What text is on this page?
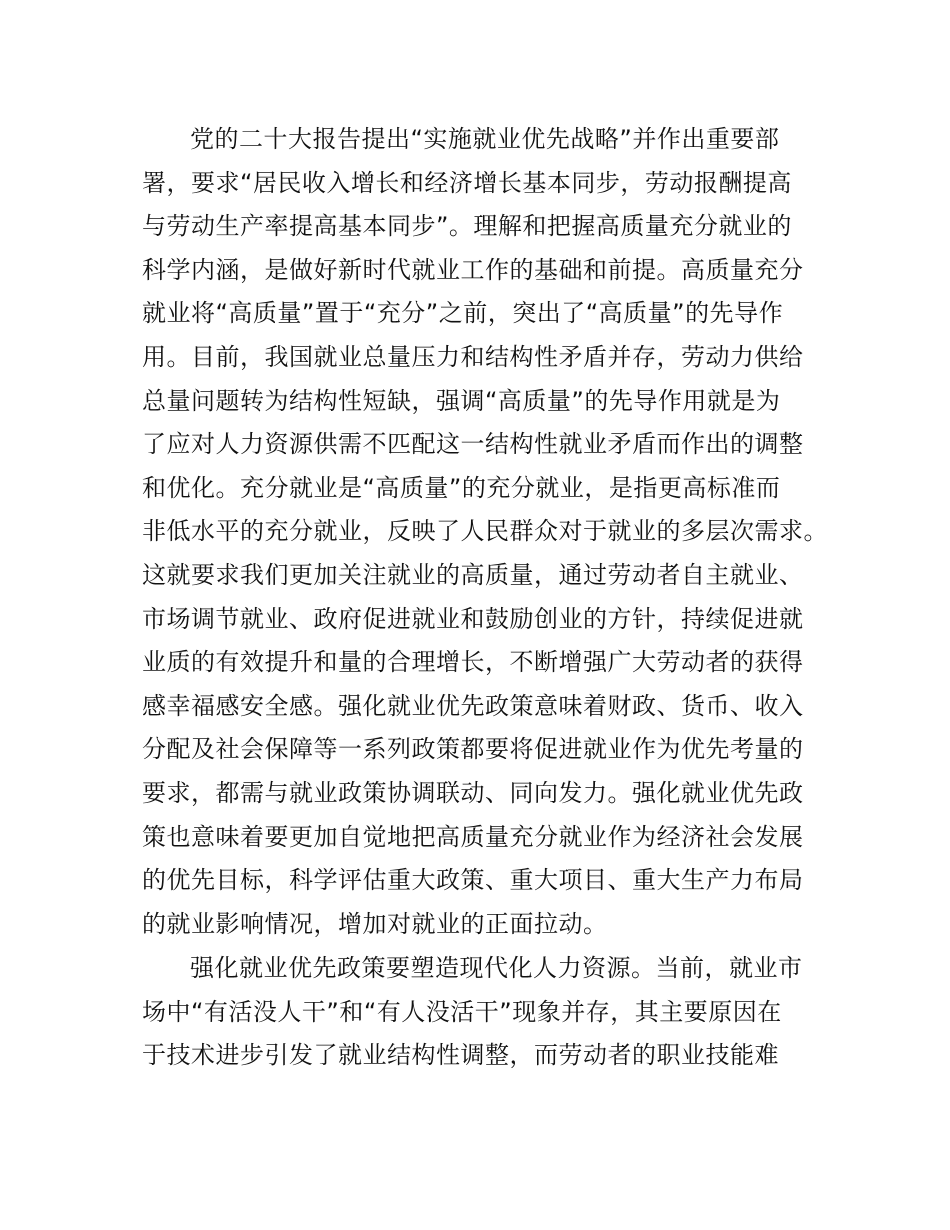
党的二十大报告提出“实施就业优先战略”并作出重要部
署，要求“居民收入增长和经济增长基本同步，劳动报酬提高
与劳动生产率提高基本同步”。理解和把握高质量充分就业的
科学内涵，是做好新时代就业工作的基础和前提。高质量充分
就业将“高质量”置于“充分”之前，突出了“高质量”的先导作
用。目前，我国就业总量压力和结构性矛盾并存，劳动力供给
总量问题转为结构性短缺，强调“高质量”的先导作用就是为
了应对人力资源供需不匹配这一结构性就业矛盾而作出的调整
和优化。充分就业是“高质量”的充分就业，是指更高标准而
非低水平的充分就业，反映了人民群众对于就业的多层次需求。
这就要求我们更加关注就业的高质量，通过劳动者自主就业、
市场调节就业、政府促进就业和鼓励创业的方针，持续促进就
业质的有效提升和量的合理增长，不断增强广大劳动者的获得
感幸福感安全感。强化就业优先政策意味着财政、货币、收入
分配及社会保障等一系列政策都要将促进就业作为优先考量的
要求，都需与就业政策协调联动、同向发力。强化就业优先政
策也意味着要更加自觉地把高质量充分就业作为经济社会发展
的优先目标，科学评估重大政策、重大项目、重大生产力布局
的就业影响情况，增加对就业的正面拉动。
强化就业优先政策要塑造现代化人力资源。当前，就业市
场中“有活没人干”和“有人没活干”现象并存，其主要原因在
于技术进步引发了就业结构性调整，而劳动者的职业技能难
